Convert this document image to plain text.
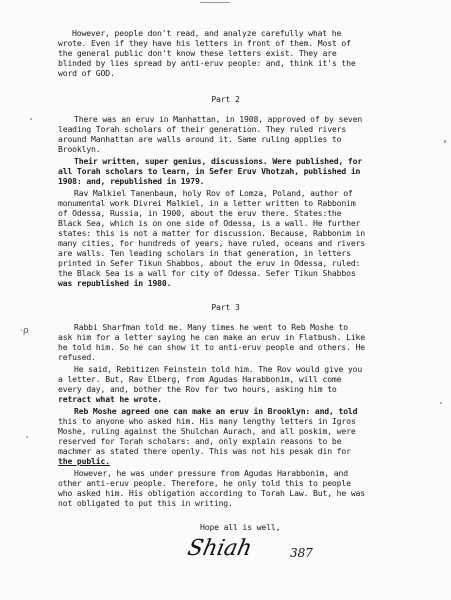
·ρ
However, people don't read, and analyze carefully what he
wrote. Even if they have his letters in front of them. Most of
the general public don't know these letters exist. They are
blinded by lies spread by anti-eruv people: and, think it's the
word of GOD.
Part 2
There was an eruv in Manhattan, in 1908, approved of by seven
leading Torah scholars of their generation. They ruled rivers
around Manhattan are walls around it. Same ruling applies to
Brooklyn.
Their written, super genius, discussions. Were published, for
all Torah scholars to learn, in Sefer Eruv Vhotzah, published in
1908: and, republished in 1979.
Rav Malkiel Tanenbaum, holy Rov of Lomza, Poland, author of
monumental work Divrei Malkiel, in a letter written to Rabbonim
of Odessa, Russia, in 1900, about the eruv there. States:the
Black Sea, which is on one side of Odessa, is a wall. He further
states: this is not a matter for discussion. Because, Rabbonim in
many cities, for hundreds of years, have ruled, oceans and rivers
are walls. Ten leading scholars in that generation, in letters
printed in Sefer Tikun Shabbos, about the eruv in Odessa, ruled:
the Black Sea is a wall for city of Odessa. Sefer Tikun Shabbos
was republished in 1980.
Part 3
Rabbi Sharfman told me. Many times he went to Reb Moshe to
ask him for a letter saying he can make an eruv in Flatbush. Like
he told him. So he can show it to anti-eruv people and others. He
refused.
He said, Rebitizen Feinstein told him. The Rov would give you
a letter. But, Rav Elberg, from Agudas Harabbonim, will come
every day, and, bother the Rov for two hours, asking him to
retract what he wrote.
Reb Moshe agreed one can make an eruv in Brooklyn: and, told
this to anyone who asked him. His many lengthy letters in Igros
Moshe, ruling against the Shulchan Aurach, and all poskim, were
reserved for Torah scholars: and, only explain reasons to be
machmer as stated there openly. This was not his pesak din for
the public.
However, he was under pressure from Agudas Harabbonim, and
other anti-eruv people. Therefore, he only told this to people
who asked him. His obligation according to Torah Law. But, he was
not obligated to put this in writing.
Hope all is well,
Shiah	387
